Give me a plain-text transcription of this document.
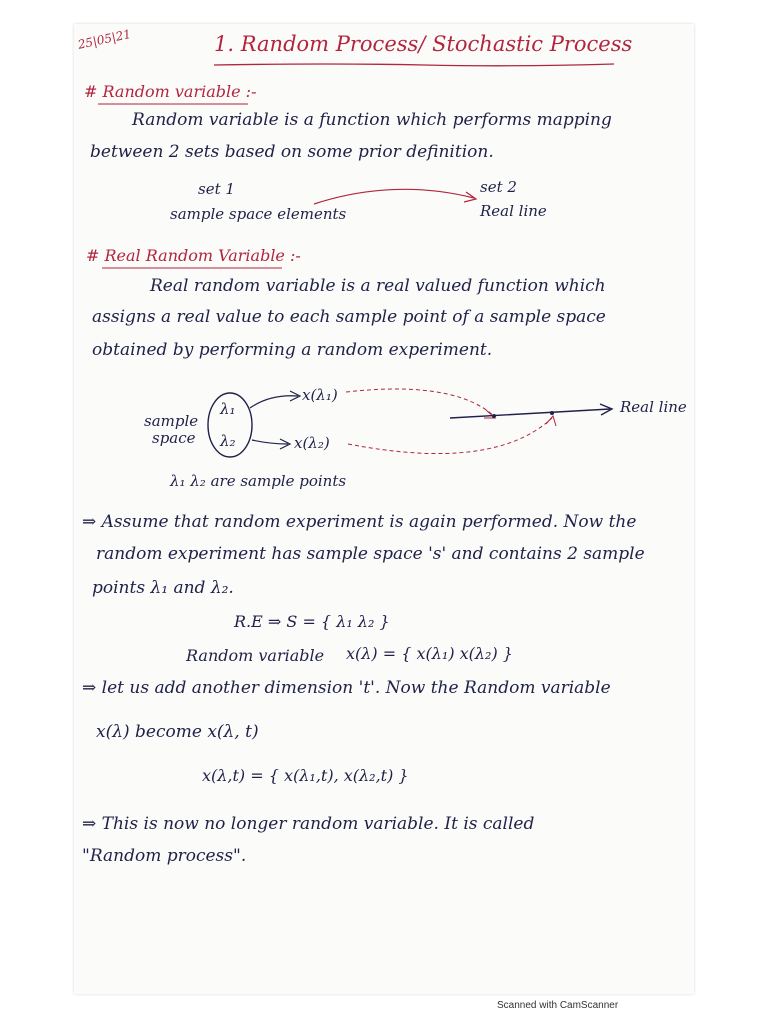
25|05|21	1. Random Process/ Stochastic Process
# Random variable :-
Random variable is a function which performs mapping
between 2 sets based on some prior definition.
set 1
sample space elements
set 2
Real line
# Real Random Variable :-
Real random variable is a real valued function which
assigns a real value to each sample point of a sample space
obtained by performing a random experiment.
sample
space
λ₁
λ₂
x(λ₁)
x(λ₂)
Real line
λ₁ λ₂ are sample points
⇒ Assume that random experiment is again performed. Now the
random experiment has sample space 's' and contains 2 sample
points λ₁ and λ₂.
R.E ⇒ S = { λ₁ λ₂ }
Random variable x(λ) = { x(λ₁) x(λ₂) }
⇒ let us add another dimension 't'. Now the Random variable
x(λ) become x(λ, t)
x(λ,t) = { x(λ₁,t), x(λ₂,t) }
⇒ This is now no longer random variable. It is called
"Random process".
Scanned with CamScanner
